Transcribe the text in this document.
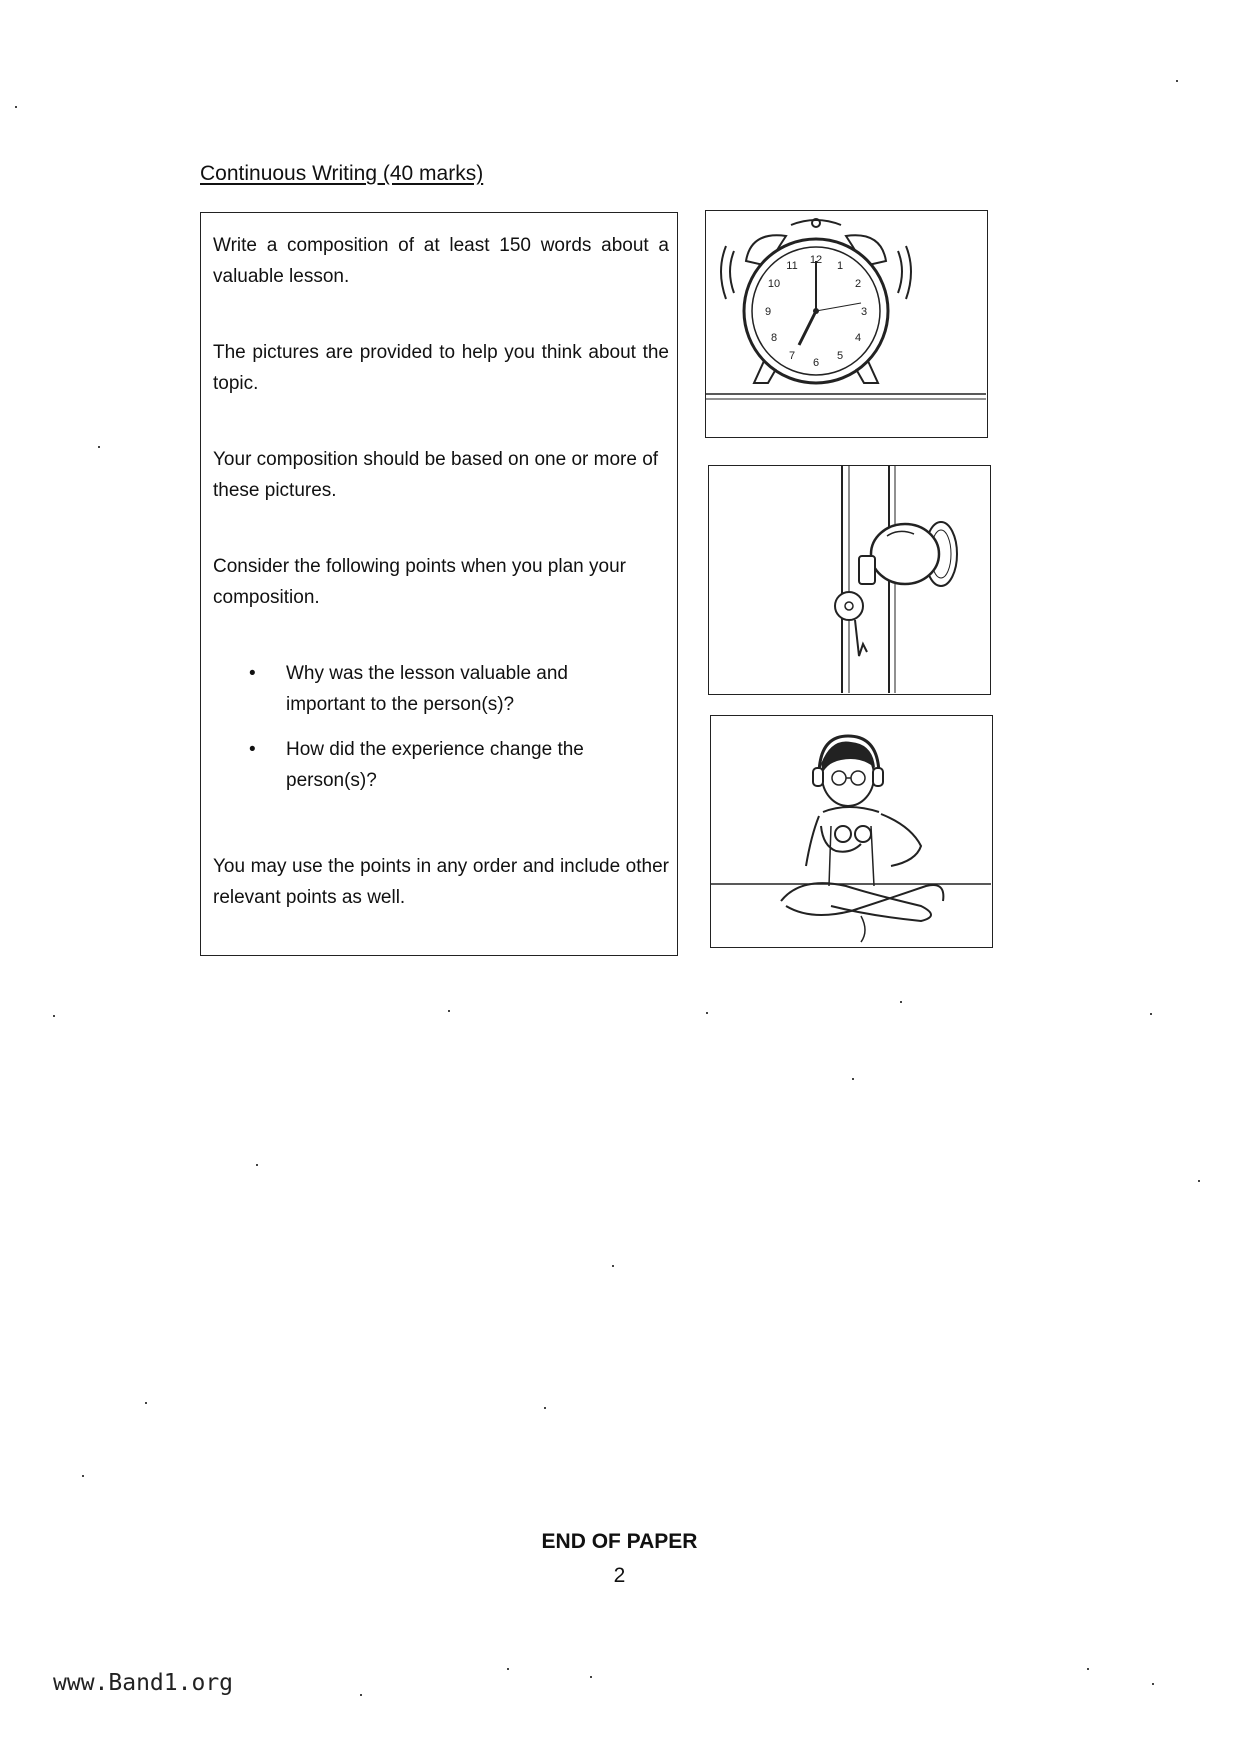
Continuous Writing (40 marks)

Write a composition of at least 150 words about a valuable lesson.

The pictures are provided to help you think about the topic.

Your composition should be based on one or more of these pictures.

Consider the following points when you plan your composition.

• Why was the lesson valuable and important to the person(s)?
• How did the experience change the person(s)?

You may use the points in any order and include other relevant points as well.

12 1
2
3
4
5
6
7
8
9
10
11
END OF PAPER
2
www.Band1.org
